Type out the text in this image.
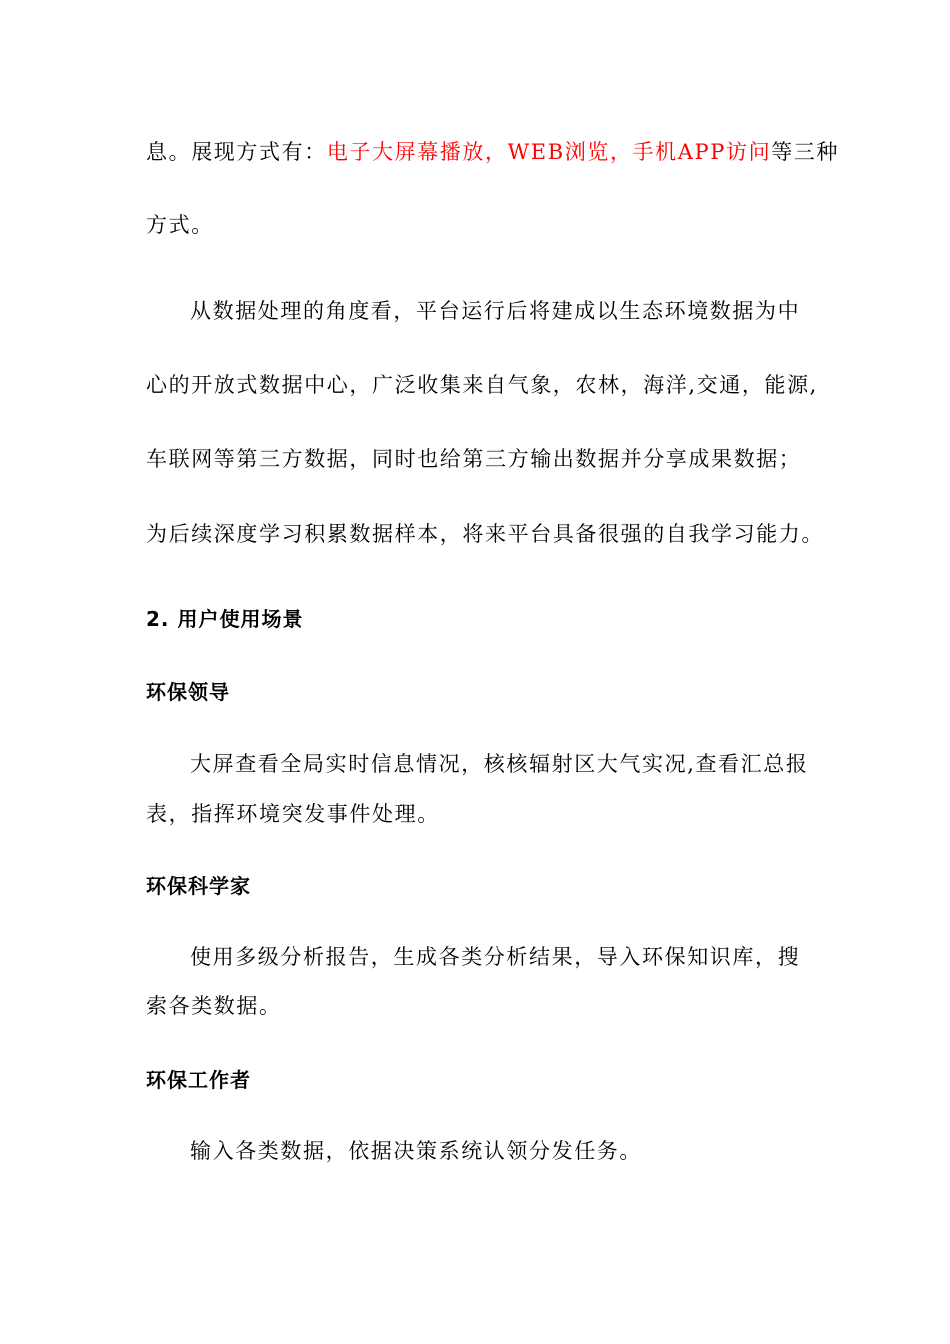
息。展现方式有：电子大屏幕播放，WEB浏览，手机APP访问等三种
方式。
从数据处理的角度看，平台运行后将建成以生态环境数据为中
心的开放式数据中心，广泛收集来自气象，农林，海洋,交通，能源,
车联网等第三方数据，同时也给第三方输出数据并分享成果数据；
为后续深度学习积累数据样本，将来平台具备很强的自我学习能力。
2. 用户使用场景
环保领导
大屏查看全局实时信息情况，核核辐射区大气实况,查看汇总报
表，指挥环境突发事件处理。
环保科学家
使用多级分析报告，生成各类分析结果，导入环保知识库，搜
索各类数据。
环保工作者
输入各类数据，依据决策系统认领分发任务。
